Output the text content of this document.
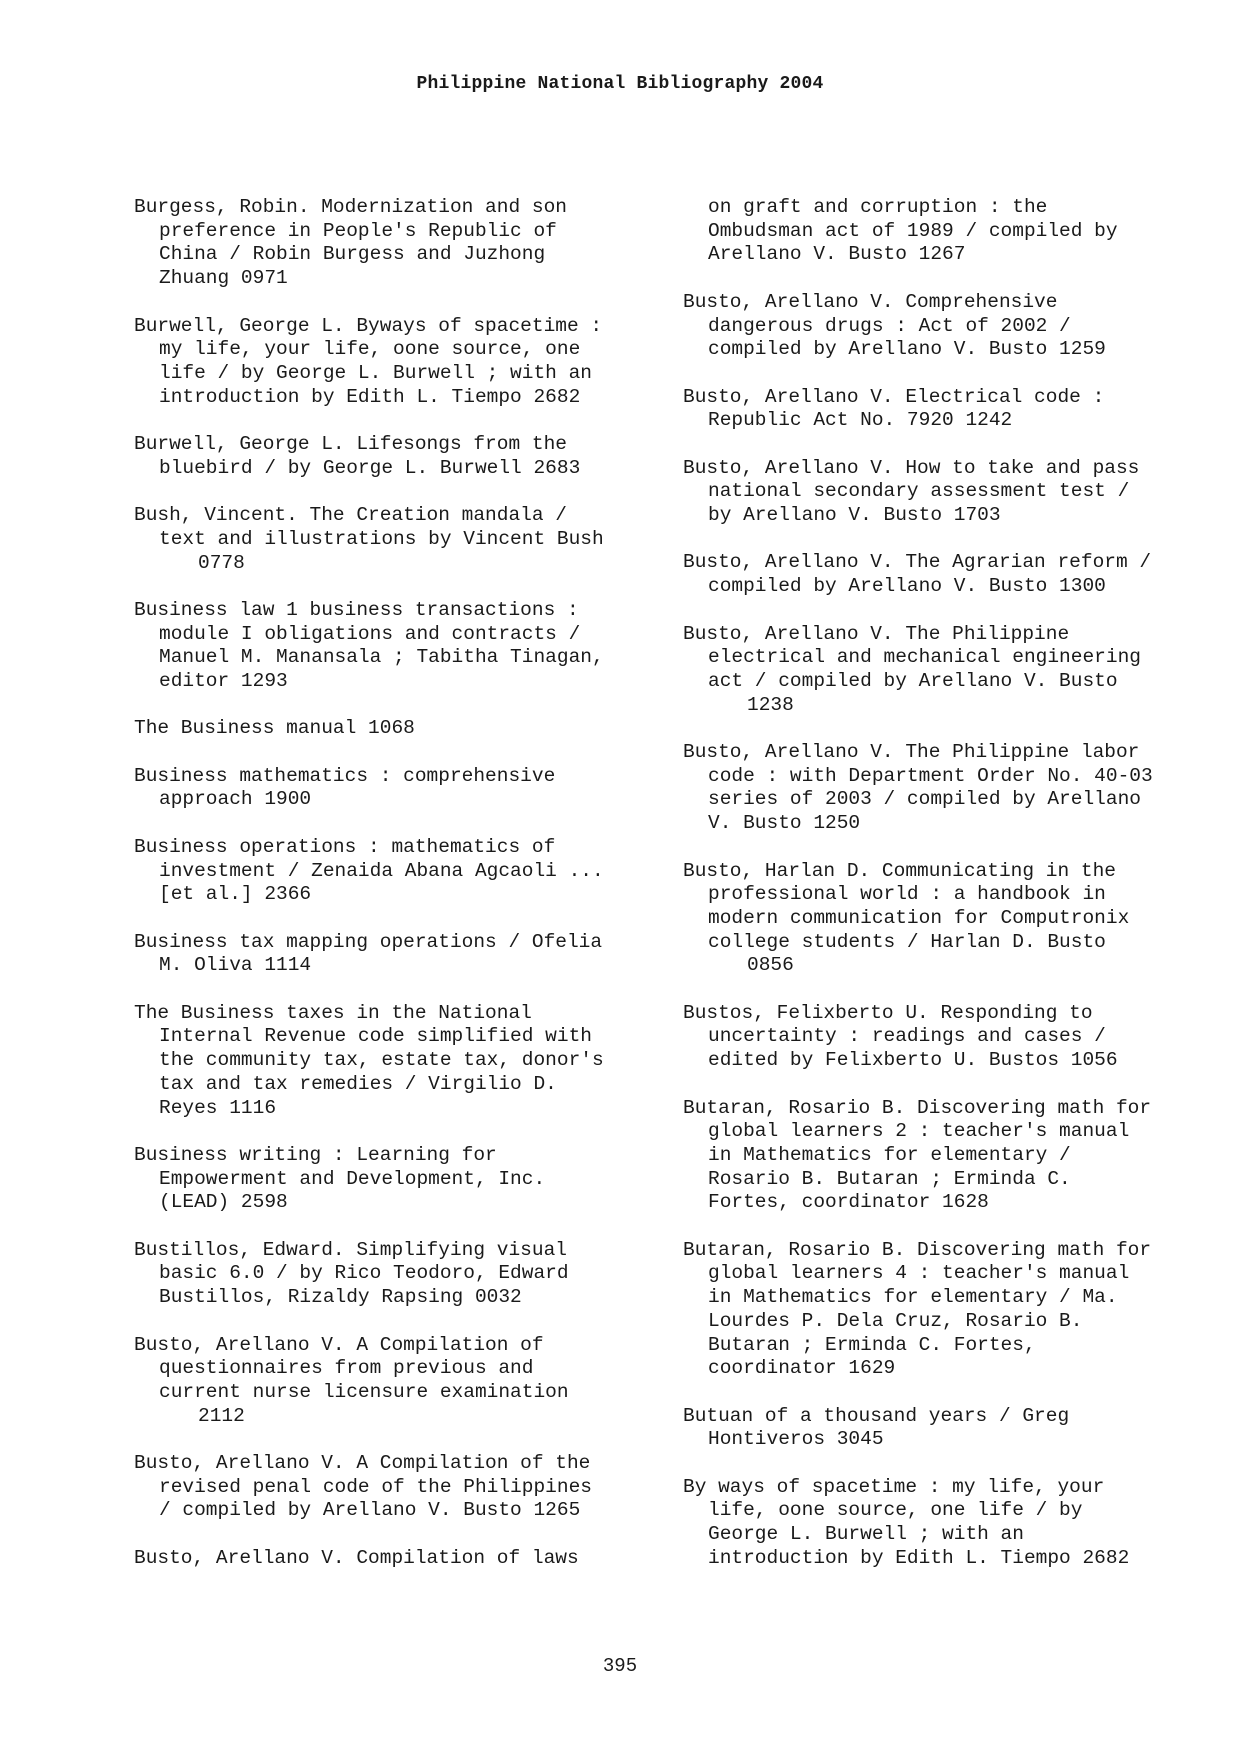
Philippine National Bibliography 2004
Burgess, Robin. Modernization and son
preference in People's Republic of
China / Robin Burgess and Juzhong
Zhuang 0971
Burwell, George L. Byways of spacetime :
my life, your life, oone source, one
life / by George L. Burwell ; with an
introduction by Edith L. Tiempo 2682
Burwell, George L. Lifesongs from the
bluebird / by George L. Burwell 2683
Bush, Vincent. The Creation mandala /
text and illustrations by Vincent Bush
0778
Business law 1 business transactions :
module I obligations and contracts /
Manuel M. Manansala ; Tabitha Tinagan,
editor 1293
The Business manual 1068
Business mathematics : comprehensive
approach 1900
Business operations : mathematics of
investment / Zenaida Abana Agcaoli ...
[et al.] 2366
Business tax mapping operations / Ofelia
M. Oliva 1114
The Business taxes in the National
Internal Revenue code simplified with
the community tax, estate tax, donor's
tax and tax remedies / Virgilio D.
Reyes 1116
Business writing : Learning for
Empowerment and Development, Inc.
(LEAD) 2598
Bustillos, Edward. Simplifying visual
basic 6.0 / by Rico Teodoro, Edward
Bustillos, Rizaldy Rapsing 0032
Busto, Arellano V. A Compilation of
questionnaires from previous and
current nurse licensure examination
2112
Busto, Arellano V. A Compilation of the
revised penal code of the Philippines
/ compiled by Arellano V. Busto 1265
Busto, Arellano V. Compilation of laws
on graft and corruption : the
Ombudsman act of 1989 / compiled by
Arellano V. Busto 1267
Busto, Arellano V. Comprehensive
dangerous drugs : Act of 2002 /
compiled by Arellano V. Busto 1259
Busto, Arellano V. Electrical code :
Republic Act No. 7920 1242
Busto, Arellano V. How to take and pass
national secondary assessment test /
by Arellano V. Busto 1703
Busto, Arellano V. The Agrarian reform /
compiled by Arellano V. Busto 1300
Busto, Arellano V. The Philippine
electrical and mechanical engineering
act / compiled by Arellano V. Busto
1238
Busto, Arellano V. The Philippine labor
code : with Department Order No. 40-03
series of 2003 / compiled by Arellano
V. Busto 1250
Busto, Harlan D. Communicating in the
professional world : a handbook in
modern communication for Computronix
college students / Harlan D. Busto
0856
Bustos, Felixberto U. Responding to
uncertainty : readings and cases /
edited by Felixberto U. Bustos 1056
Butaran, Rosario B. Discovering math for
global learners 2 : teacher's manual
in Mathematics for elementary /
Rosario B. Butaran ; Erminda C.
Fortes, coordinator 1628
Butaran, Rosario B. Discovering math for
global learners 4 : teacher's manual
in Mathematics for elementary / Ma.
Lourdes P. Dela Cruz, Rosario B.
Butaran ; Erminda C. Fortes,
coordinator 1629
Butuan of a thousand years / Greg
Hontiveros 3045
By ways of spacetime : my life, your
life, oone source, one life / by
George L. Burwell ; with an
introduction by Edith L. Tiempo 2682
395
